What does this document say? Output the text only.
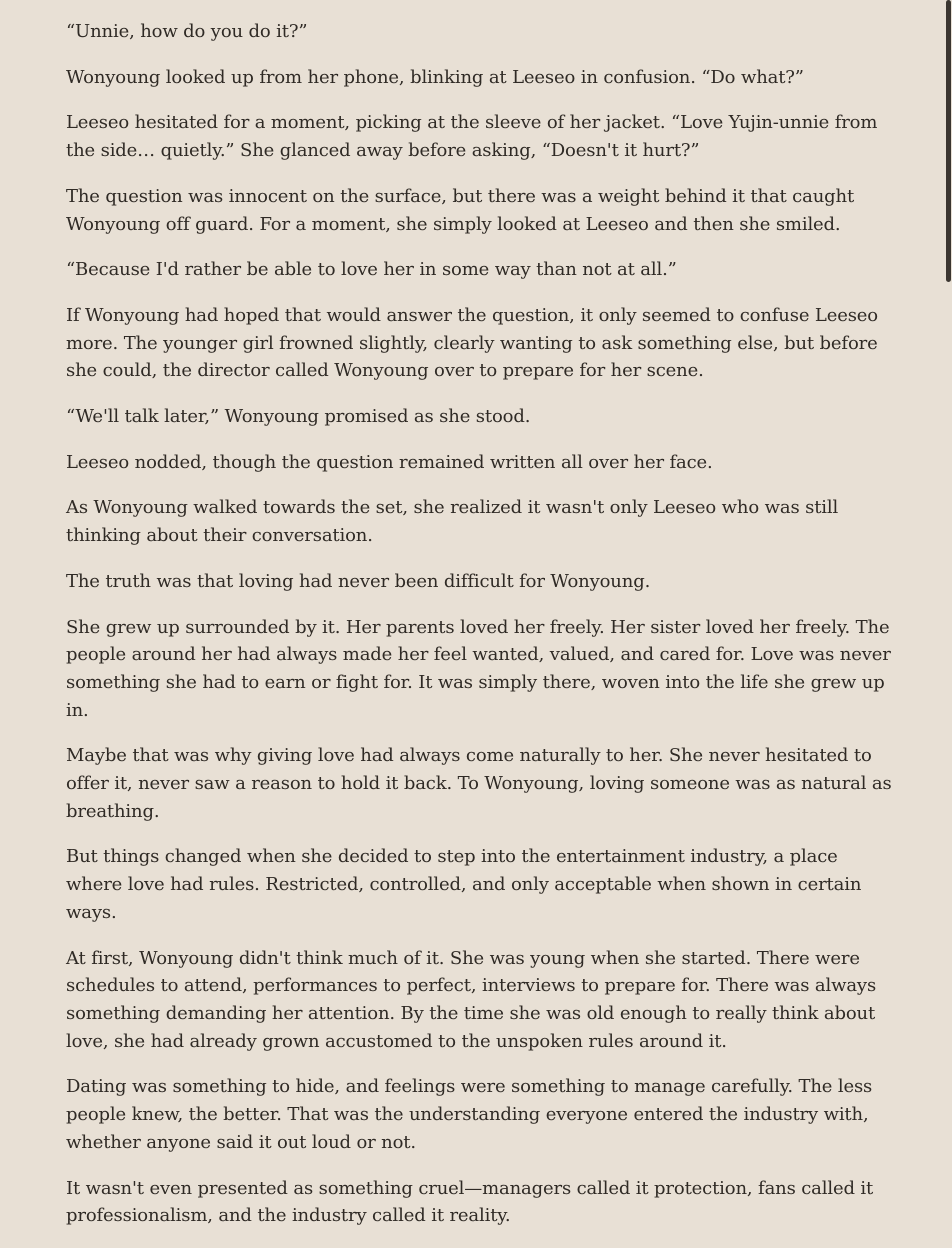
“Unnie, how do you do it?”

Wonyoung looked up from her phone, blinking at Leeseo in confusion. “Do what?”

Leeseo hesitated for a moment, picking at the sleeve of her jacket. “Love Yujin-unnie from the side… quietly.” She glanced away before asking, “Doesn't it hurt?”

The question was innocent on the surface, but there was a weight behind it that caught Wonyoung off guard. For a moment, she simply looked at Leeseo and then she smiled.

“Because I'd rather be able to love her in some way than not at all.”

If Wonyoung had hoped that would answer the question, it only seemed to confuse Leeseo more. The younger girl frowned slightly, clearly wanting to ask something else, but before she could, the director called Wonyoung over to prepare for her scene.

“We'll talk later,” Wonyoung promised as she stood.

Leeseo nodded, though the question remained written all over her face.

As Wonyoung walked towards the set, she realized it wasn't only Leeseo who was still thinking about their conversation.

The truth was that loving had never been difficult for Wonyoung.

She grew up surrounded by it. Her parents loved her freely. Her sister loved her freely. The people around her had always made her feel wanted, valued, and cared for. Love was never something she had to earn or fight for. It was simply there, woven into the life she grew up in.

Maybe that was why giving love had always come naturally to her. She never hesitated to offer it, never saw a reason to hold it back. To Wonyoung, loving someone was as natural as breathing.

But things changed when she decided to step into the entertainment industry, a place where love had rules. Restricted, controlled, and only acceptable when shown in certain ways.

At first, Wonyoung didn't think much of it. She was young when she started. There were schedules to attend, performances to perfect, interviews to prepare for. There was always something demanding her attention. By the time she was old enough to really think about love, she had already grown accustomed to the unspoken rules around it.

Dating was something to hide, and feelings were something to manage carefully. The less people knew, the better. That was the understanding everyone entered the industry with, whether anyone said it out loud or not.

It wasn't even presented as something cruel—managers called it protection, fans called it professionalism, and the industry called it reality.
